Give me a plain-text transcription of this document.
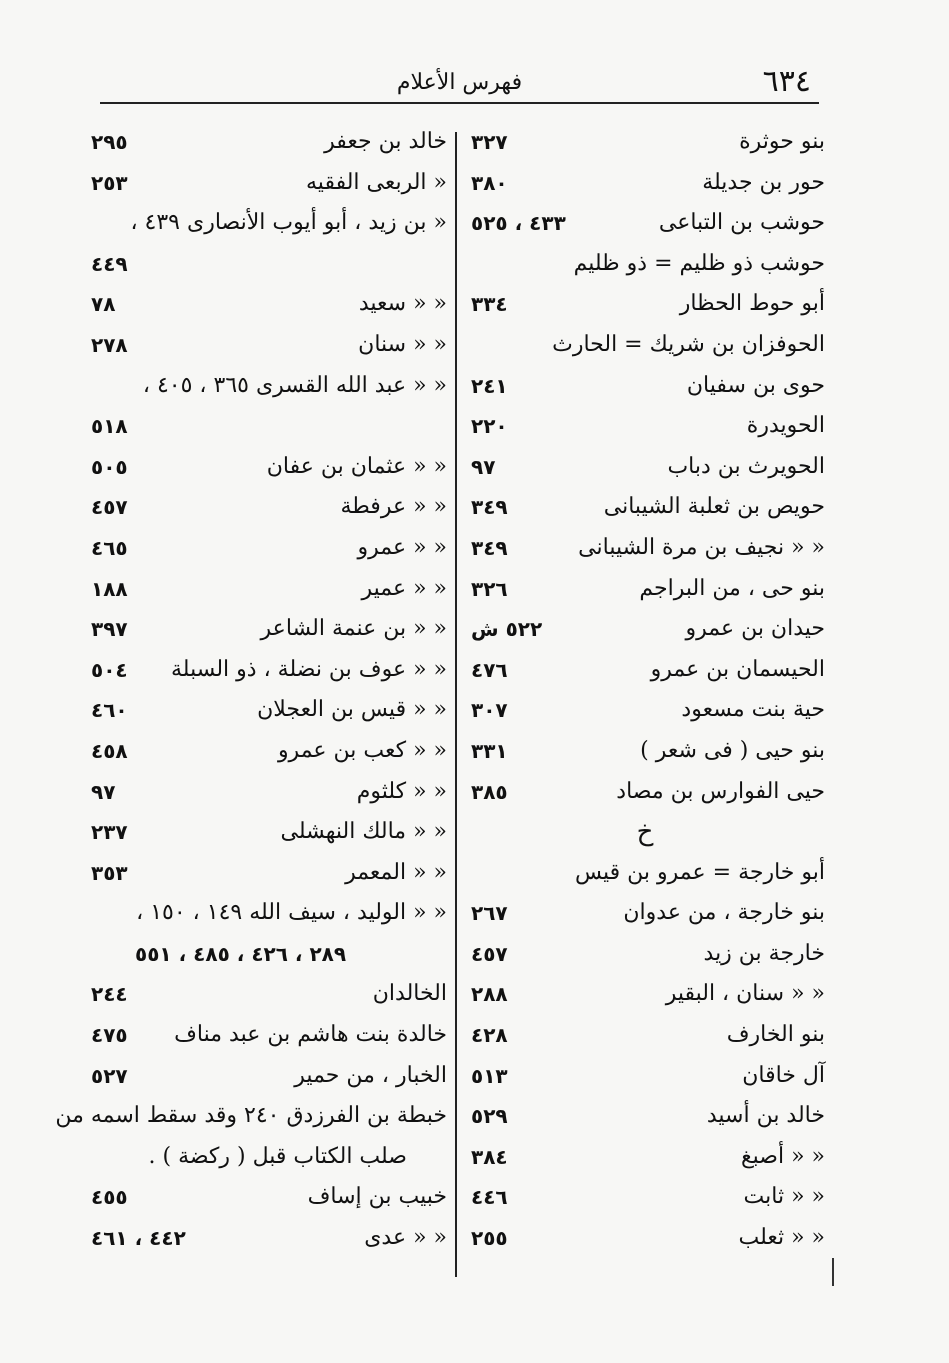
٦٣٤
فهرس الأعلام
بنو حوثرة
٣٢٧
حور بن جديلة
٣٨٠
حوشب بن التباعى
٤٣٣ ، ٥٢٥
حوشب ذو ظليم = ذو ظليم
أبو حوط الحظار
٣٣٤
الحوفزان بن شريك = الحارث
حوى بن سفيان
٢٤١
الحويدرة
٢٢٠
الحويرث بن دباب
٩٧
حويص بن ثعلبة الشيبانى
٣٤٩
« « نجيف بن مرة الشيبانى
٣٤٩
بنو حى ، من البراجم
٣٢٦
حيدان بن عمرو
٥٢٢ ش
الحيسمان بن عمرو
٤٧٦
حية بنت مسعود
٣٠٧
بنو حيى ( فى شعر )
٣٣١
حيى الفوارس بن مصاد
٣٨٥
خ
أبو خارجة = عمرو بن قيس
بنو خارجة ، من عدوان
٢٦٧
خارجة بن زيد
٤٥٧
« « سنان ، البقير
٢٨٨
بنو الخارف
٤٢٨
آل خاقان
٥١٣
خالد بن أسيد
٥٢٩
« « أصبغ
٣٨٤
« « ثابت
٤٤٦
« « ثعلب
٢٥٥
خالد بن جعفر
٢٩٥
« الربعى الفقيه
٢٥٣
« بن زيد ، أبو أيوب الأنصارى ٤٣٩ ،
٤٤٩
« « سعيد
٧٨
« « سنان
٢٧٨
« « عبد الله القسرى ٣٦٥ ، ٤٠٥ ،
٥١٨
« « عثمان بن عفان
٥٠٥
« « عرفطة
٤٥٧
« « عمرو
٤٦٥
« « عمير
١٨٨
« « بن عنمة الشاعر
٣٩٧
« « عوف بن نضلة ، ذو السبلة
٥٠٤
« « قيس بن العجلان
٤٦٠
« « كعب بن عمرو
٤٥٨
« « كلثوم
٩٧
« « مالك النهشلى
٢٣٧
« « المعمر
٣٥٣
« « الوليد ، سيف الله ١٤٩ ، ١٥٠ ،
٢٨٩ ، ٤٢٦ ، ٤٨٥ ، ٥٥١
الخالدان
٢٤٤
خالدة بنت هاشم بن عبد مناف
٤٧٥
الخبار ، من حمير
٥٢٧
خبطة بن الفرزدق ٢٤٠ وقد سقط اسمه من
صلب الكتاب قبل ( ركضة ) .
خبيب بن إساف
٤٥٥
« « عدى
٤٤٢ ، ٤٦١
